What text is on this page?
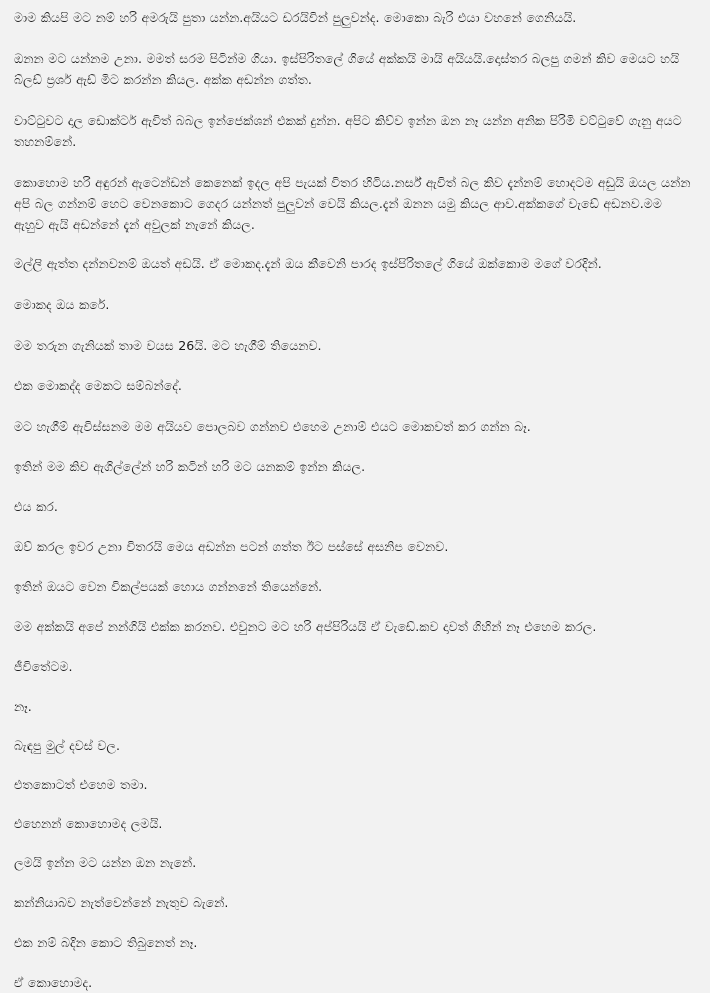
මාම කියපි මට නම් හරි අමරුයි පුතා යන්න.අයියට ඩරයිවින් පුලුවන්ද. මොකො බැරි එයා වහනේ ගෙනියයි.

ඔනන මට යන්නම උනා. මමත් සරම පිටින්ම ගියා. ඉස්පිරිතලේ ගියේ අක්කයි මායි අයියයි.දොස්තර බලපු ගමන් කිව මෙයට හයි බ්ලඩ් ප්‍රශර් ඇඩ් මිට කරන්න කියල. අක්ක අඩන්න ගත්ත.

වාට්ටුවට දාල ඩොක්ටර් ඇවිත් බබල ඉන්ජෙක්ශන් එකක් දුන්න. අපිට කිව්ව ඉන්න ඔන නෑ යන්න අනික පිරිමි වට්ටුවේ ගැනු අයට තහනම්නේ.

කොහොම හරි අඳුරන් ඇටෙන්ඩන් කෙනෙක් ඉදල අපි පැයක් විතර හිටිය.නර්ස් ඇවිත් බල කිව දැන්නම් හොදටම අඩුයි ඔයල යන්න අපි බල ගන්නම් හෙට වෙනකොට ගෙදර යන්නත් පුලුවන් වෙයි කියල.දැන් ඔනන යමු කියල ආව.අක්කගේ වැඩේ අඩනව.මම ඇහුව ඇයි අඩන්නේ දැන් අවුලක් නැනේ කියල.

මල්ලි ඇත්ත දන්නවනම් ඔයත් අඩයි. ඒ මොකද.දැන් ඔය කීවෙනි පාරද ඉස්පිරිතලේ ගියේ ඔක්කොම මගේ වරදින්.

මොකද ඔය කරේ.

මම තරුන ගැනියක් තාම වයස 26යි. මට හැගීම් තියෙනව.

එක මොකද්ද මෙකට සම්බන්දේ.

මට හැගීම් ඇවිස්සනම මම අයියව පොලබව ගන්නව එහෙම උනාම් එයට මොකවත් කර ගන්න බෑ.

ඉතින් මම කිව ඇගිල්ලේන් හරි කටින් හරි මට යනකම් ඉන්න කියල.

එය කර.

ඔව් කරල ඉවර උනා විතරයි මෙය අඩන්න පටන් ගත්ත ඊට පස්සේ අසනිප වෙනව.

ඉතින් ඔයට වෙන විකල්පයක් හොය ගන්නනේ තියෙන්නේ.

මම අක්කයි අපේ නන්ගියි එක්ක කරනව. එවුනට මට හරි අප්පිරියයි ඒ වැඩේ.කව දාවත් ගිහින් නෑ එහෙම කරල.

ජීවිතේටම.

නෑ.

බැඳපු මුල් දවස් වල.

එතකොටත් එහෙම තමා.

එහෙනන් කොහොමද ලමයි.

ලමයි ඉන්න මට යන්න ඔන නැනේ.

කන්නියාබව නැත්වෙන්නේ නැතුව බැනේ.

එක නම් බදින කොට තිබුනෙත් නෑ.

ඒ කොහොමද.
